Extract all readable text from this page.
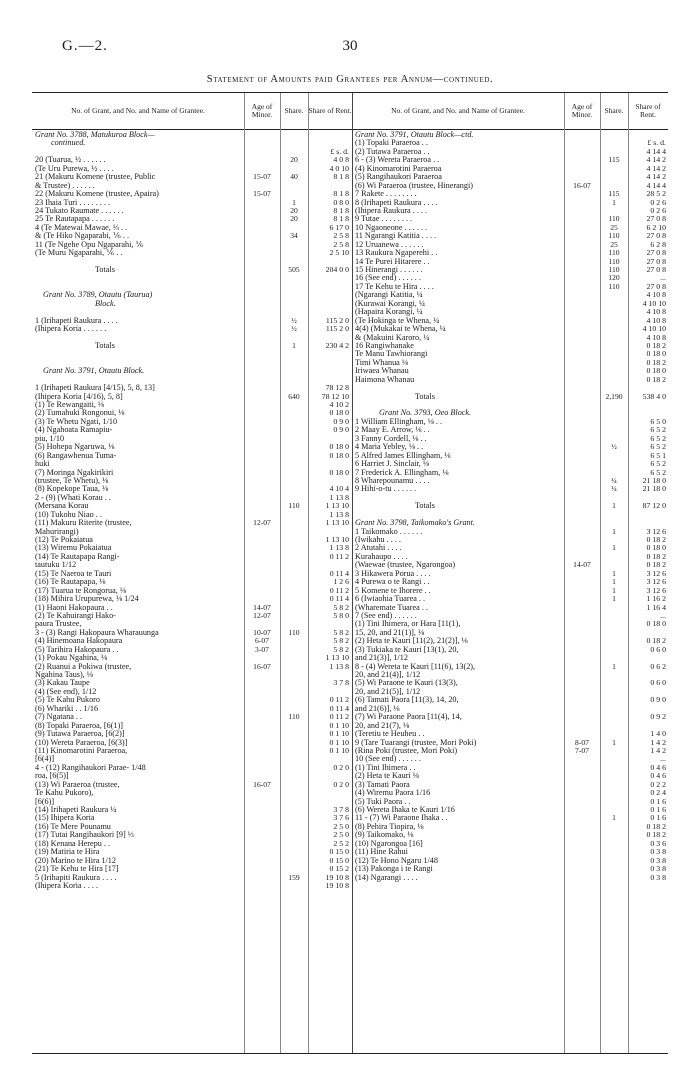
G.—2.	30
Statement of Amounts paid Grantees per Annum—continued.
No. of Grant, and No. and Name of Grantee.	Age of Minor.	Share. Share of Rent.	No. of Grant, and No. and Name of Grantee.	Age of Minor.	Share.	Share of Rent.
Grant No. 3788, Matukuroa Block—
continued.
£ s. d.
20 (Tuarua, ½ . . . . . .	20	4 0 8
(Te Uru Purewa, ½ . . . .	4 0 10
21 (Makuru Komene (trustee, Public	15-07	40	8 1 8
& Trustee) . . . . . .
22 (Makuru Komene (trustee, Apaira)	15-07	8 1 8
23 Ihaia Turi . . . . . . . .	1	0 8 0
24 Tukato Raumate . . . . . .	20	8 1 8
25 Te Rautapapa . . . . . .	20	8 1 8
4 (Te Matewai Mawae, ⅓ . .	6 17 0
& (Te Hiko Ngaparabi, ⅙ . .	34	2 5 8
11 (Te Ngehe Opu Ngaparahi, ⅙	2 5 8
(Te Muru Ngaparahi, ⅙ . .	2 5 10
Totals	505	204 0 0
Grant No. 3789, Otautu (Taurua)
Block.
1 (Irihapeti Raukura . . . .	½	115 2 0
(Ihipera Koria . . . . . .	½	115 2 0
Totals	1	230 4 2
Grant No. 3791, Otautu Block.
1 (Irihapeti Raukura [4/15), 5, 8, 13]	78 12 8
(Ihipera Koria [4/16), 5, 8]	640	78 12 10
(1) Te Rewangaiti, ⅛	4 10 2
(2) Tumahuki Rongonui, ⅛	0 18 0
(3) Te Whetu Ngati, 1/10	0 9 0
(4) Ngahoata Ramapiu-	0 9 0
piu, 1/10
(5) Hohepa Ngaruwa, ⅛	0 18 0
(6) Rangawhenua Tuma-	0 18 0
huki
(7) Moringa Ngakirikiri	0 18 0
(trustee, Te Whetu), ⅛
(8) Kopekope Taua, ⅛	4 10 4
2 - (9) (Whati Korau . .	1 13 8
(Mersana Korau	110	1 13 10
(10) Tukohu Niao . .	1 13 8
(11) Makuru Riterite (trustee,	12-07	1 13 10
Mahurirangi)
(12) Te Pokaiatua	1 13 10
(13) Wiremu Pokaiatua	1 13 8
(14) Te Rautapapa Rangi-	0 11 2
tautuku 1/12
(15) Te Naeroa te Tauri	0 11 4
(16) Te Rautapapa, ⅛	1 2 6
(17) Tuarua te Rongorua, ⅛	0 11 2
(18) Mihira Urupurewa, ⅛ 1/24	0 11 4
(1) Haoni Hakopaura . .	14-07	5 8 2
(2) Te Kahuirangi Hako-	12-07	5 8 0
paura Trustee,
3 - (3) Rangi Hakopaura Wharauunga	10-07	110	5 8 2
(4) Hinemoana Hakopaura	6-07	5 8 2
(5) Tarihira Hakopaura . .	3-07	5 8 2
(1) Pokau Ngahina, ⅛	1 13 10
(2) Ruanui a Pokiwa (trustee,	16-07	1 13 8
Ngahina Taus), ⅛
(3) Kakau Taupe	3 7 8
(4) (See end), 1/12
(5) Te Kahu Pukoro	0 11 2
(6) Whariki . . 1/16	0 11 4
(7) Ngatana . .	110	0 11 2
(8) Topaki Paraeroa, [6(1)]	0 1 10
(9) Tutawa Paraeroa, [6(2)]	0 1 10
(10) Wereta Paraeroa, [6(3)]	0 1 10
(11) Kinomarotini Paraeroa,	0 1 10
[6(4)]
4 - (12) Rangihaukori Parae- 1/48	0 2 0
roa, [6(5)]
(13) Wi Paraeroa (trustee,	16-07	0 2 0
Te Kahu Pukoro),
[6(6)]
(14) Irihapeti Raukura ¼	3 7 8
(15) Ihipera Koria	3 7 6
(16) Te Mere Pounamu	2 5 0
(17) Tutai Rangihaukori [9] ⅓	2 5 0
(18) Kenana Herepu . .	2 5 2
(19) Matiria te Hira	0 15 0
(20) Marino te Hira 1/12	0 15 0
(21) Te Kehu te Hira [17]	0 15 2
5 (Irihapiti Raukura . . . .	159	19 10 8
(Ihipera Koria . . . .	19 10 8
Grant No. 3791, Otautu Block—ctd.
(1) Topaki Paraeroa . .	£ s. d.
(2) Tutawa Paraeroa . .	4 14 4
6 - (3) Wereta Paraeroa . .	115	4 14 2
(4) Kinomarotini Paraeroa	4 14 2
(5) Rangihaukori Paraeroa	4 14 2
(6) Wi Paraeroa (trustee, Hinerangi)	16-07	4 14 4
7 Rakete . . . . . . . .	115	28 5 2
8 (Irihapeti Raukura . . . .	1	0 2 6
(Ihipera Raukura . . . .	0 2 6
9 Tutae . . . . . . . .	110	27 0 8
10 Ngaoneone . . . . . .	25	6 2 10
11 Ngarangi Katitia . . . .	110	27 0 8
12 Uruanewa . . . . . .	25	6 2 8
13 Raukura Ngaperehi . .	110	27 0 8
14 Te Purei Hitarere . .	110	27 0 8
15 Hinerangi . . . . . .	110	27 0 8
16 (See end) . . . . . .	120	...
17 Te Kehu te Hira . . . .	110	27 0 8
(Ngarangi Katitia, ¼	4 10 8
(Kurawai Korangi, ¼	4 10 10
(Hapaira Korangi, ¼	4 10 8
(Te Hokinga te Whena, ¼	4 10 8
4(4) (Mukakai te Whena, ¼	4 10 10
& (Makuini Karoro, ¼	4 10 8
16 Rangiwhanake	0 18 2
Te Manu Tawhiorangi	0 18 0
Timi Whanua ⅛	0 18 2
Iriwaea Whanau	0 18 0
Haimona Whanau	0 18 2
Totals	2,190	538 4 0
Grant No. 3793, Oeo Block.
1 William Ellingham, ⅛ . .	6 5 0
2 Maay E. Arrow, ⅛ . .	6 5 2
3 Fanny Cordell, ⅛ . .	6 5 2
4 Maria Yebley, ⅛ . .	½	6 5 2
5 Alfred James Ellingham, ⅛	6 5 1
6 Harriet J. Sinclair, ⅛	6 5 2
7 Frederick A. Ellingham, ⅛	6 5 2
8 Wharepounamu . . . .	¼	21 18 0
9 Hihi-o-tu . . . . . .	¼	21 18 0
Totals	1	87 12 0
Grant No. 3798, Taikomako's Grant.
1 Taikomako . . . . . .	1	3 12 6
(Iwikahu . . . .	0 18 2
2 Atutahi . . . .	1	0 18 0
Kurahaupo . . . .	0 18 2
(Waewae (trustee, Ngarongoa)	14-07	0 18 2
3 Hikawera Porua . . . .	1	3 12 6
4 Purewa o te Rangi . .	1	3 12 6
5 Komene te Ihorere . .	1	3 12 6
6 (Iwiaohia Tuarea . .	1	1 16 2
(Wharemate Tuarea . .	1 16 4
7 (See end) . . . . . .	...
(1) Tini Ihimera, or Hara [11(1),	0 18 0
15, 20, and 21(1)], ⅛
(2) Heta te Kauri [11(2), 21(2)], ⅛	0 18 2
(3) Tukiaka te Kauri [13(1), 20,	0 6 0
and 21(3)], 1/12
8 - (4) Wereta te Kauri [11(6), 13(2),	1	0 6 2
20, and 21(4)], 1/12
(5) Wi Paraone te Kauri (13(3),	0 6 0
20, and 21(5)], 1/12
(6) Tamati Paora [11(3), 14, 20,	0 9 0
and 21(6)], ⅛
(7) Wi Paraone Paora [11(4), 14,	0 9 2
20, and 21(7), ⅛
(Teretiu te Heuheu . .	1 4 0
9 (Tare Tuarangi (trustee, Mori Poki)	8-07	1	1 4 2
(Rina Poki (trustee, Mori Poki)	7-07	1 4 2
10 (See end) . . . . . .	...
(1) Tini Ihimera . .	0 4 6
(2) Heta te Kauri ⅛	0 4 6
(3) Tamati Paora	0 2 2
(4) Wiremu Paora 1/16	0 2 4
(5) Tuki Paora . .	0 1 6
(6) Wereta Ihaka te Kauri 1/16	0 1 6
11 - (7) Wi Paraone Ihaka . .	1	0 1 6
(8) Pehira Tiopira, ⅛	0 18 2
(9) Taikomako, ⅛	0 18 2
(10) Ngarongoa [16]	0 3 6
(11) Hine Rahui	0 3 8
(12) Te Hono Ngaru 1/48	0 3 8
(13) Pakonga i te Rangi	0 3 8
(14) Ngarangi . . . .	0 3 8
